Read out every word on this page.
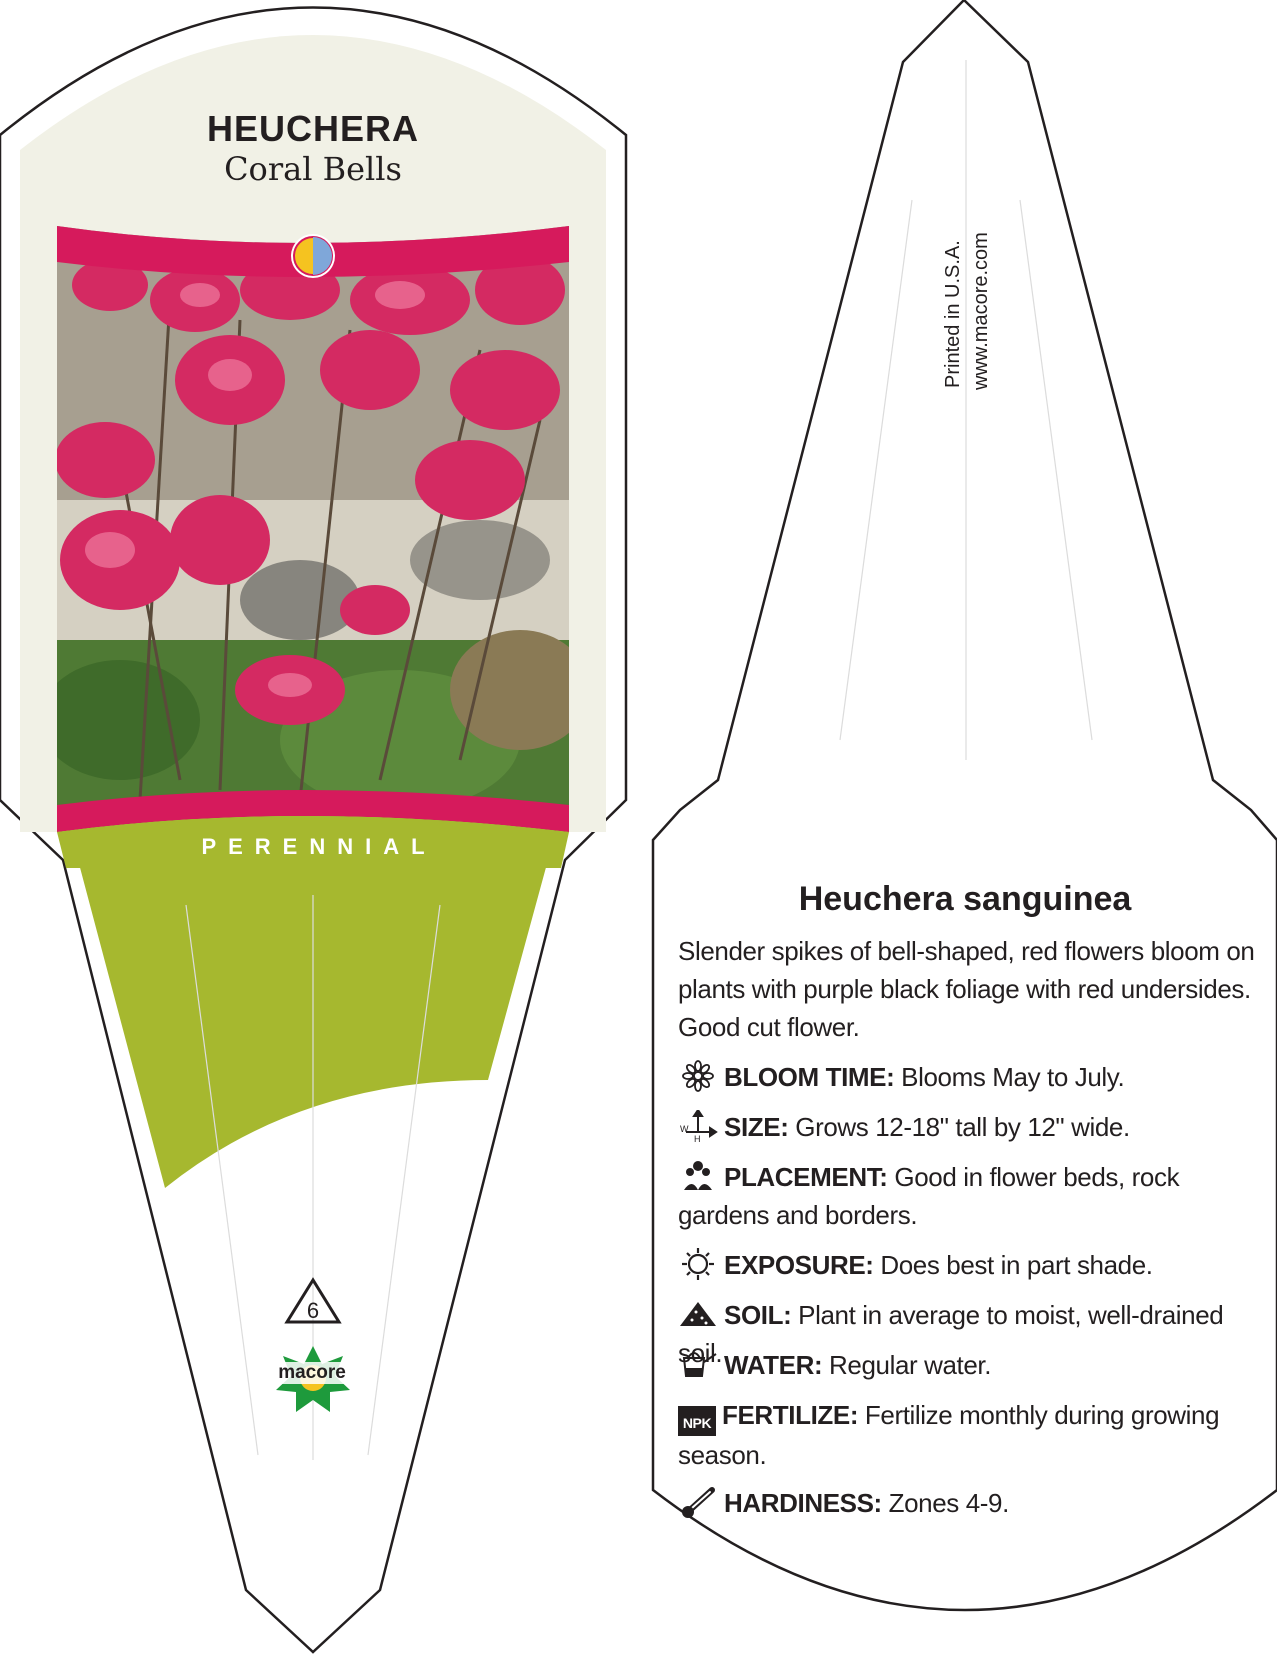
HEUCHERA
Coral Bells
PERENNIAL
6
macore
Printed in U.S.A. www.macore.com
Heuchera sanguinea
Slender spikes of bell-shaped, red flowers bloom on plants with purple black foliage with red undersides. Good cut flower.
BLOOM TIME: Blooms May to July.
W
H SIZE: Grows 12-18" tall by 12" wide.
PLACEMENT: Good in flower beds, rock gardens and borders.
EXPOSURE: Does best in part shade.
SOIL: Plant in average to moist, well-drained soil. WATER: Regular water.
NPK FERTILIZE: Fertilize monthly during growing season.
HARDINESS: Zones 4-9.
